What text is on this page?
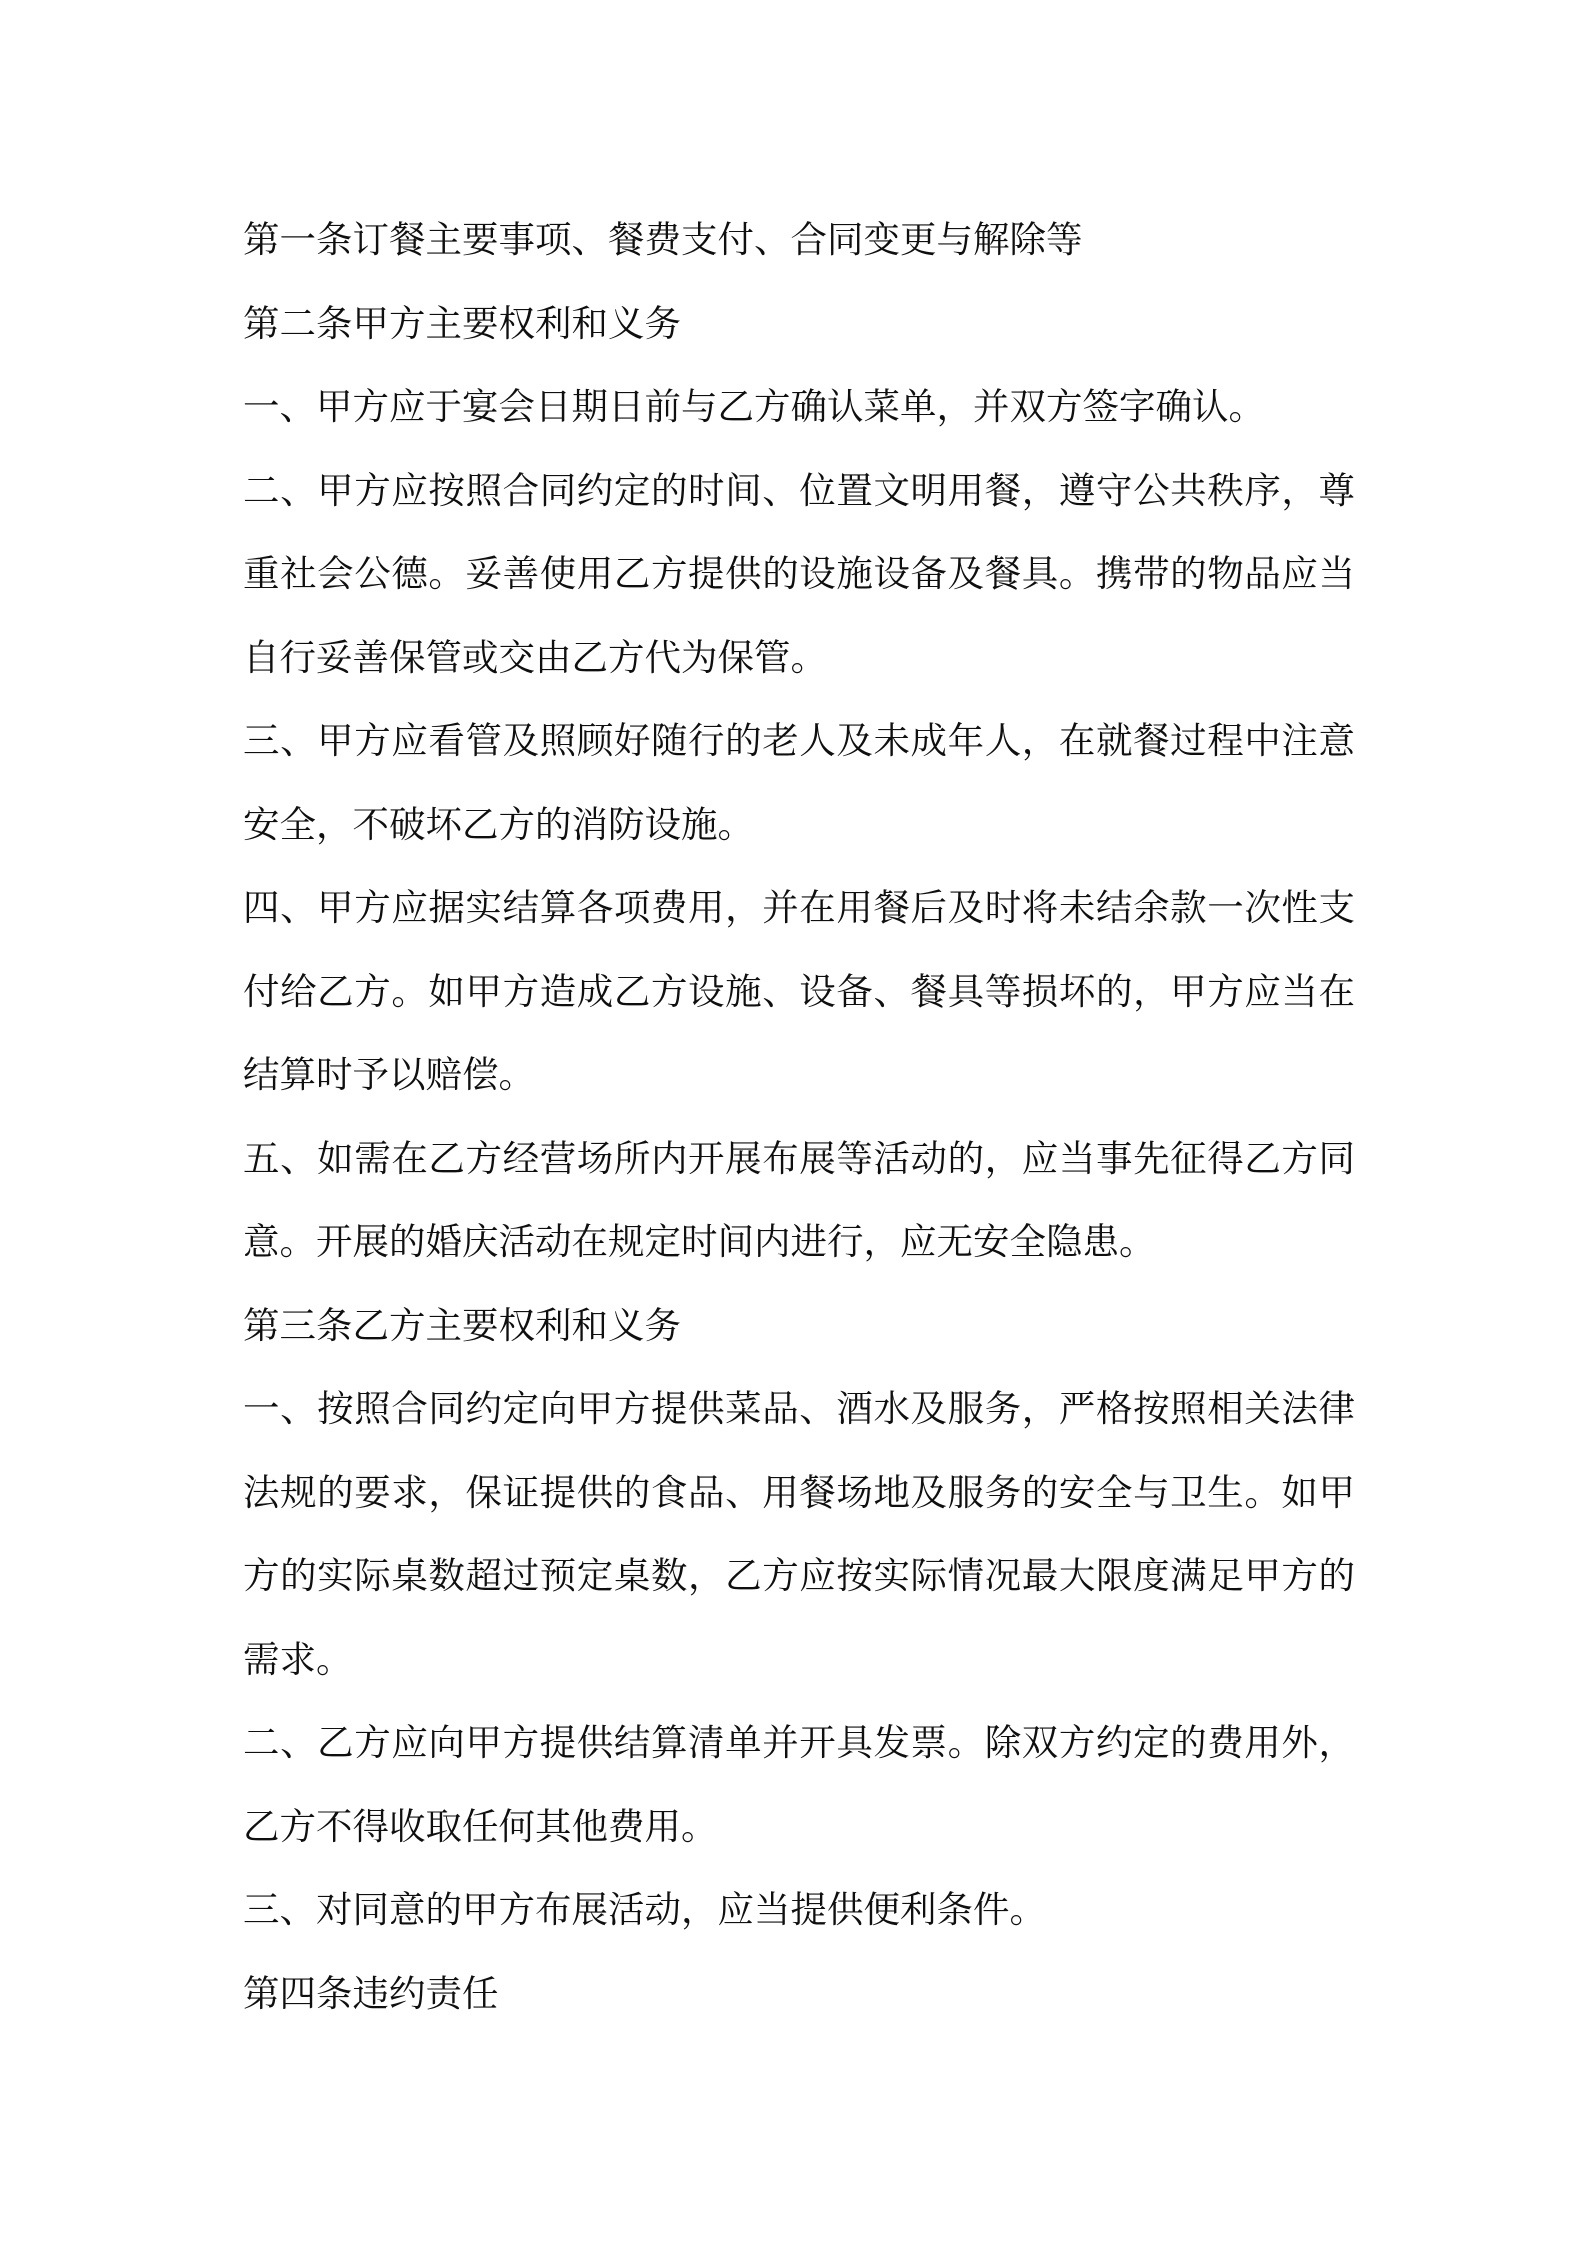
第一条订餐主要事项、餐费支付、合同变更与解除等

第二条甲方主要权利和义务

一、甲方应于宴会日期日前与乙方确认菜单，并双方签字确认。

二、甲方应按照合同约定的时间、位置文明用餐，遵守公共秩序，尊重社会公德。妥善使用乙方提供的设施设备及餐具。携带的物品应当自行妥善保管或交由乙方代为保管。

三、甲方应看管及照顾好随行的老人及未成年人，在就餐过程中注意安全，不破坏乙方的消防设施。

四、甲方应据实结算各项费用，并在用餐后及时将未结余款一次性支付给乙方。如甲方造成乙方设施、设备、餐具等损坏的，甲方应当在结算时予以赔偿。

五、如需在乙方经营场所内开展布展等活动的，应当事先征得乙方同意。开展的婚庆活动在规定时间内进行，应无安全隐患。

第三条乙方主要权利和义务

一、按照合同约定向甲方提供菜品、酒水及服务，严格按照相关法律法规的要求，保证提供的食品、用餐场地及服务的安全与卫生。如甲方的实际桌数超过预定桌数，乙方应按实际情况最大限度满足甲方的需求。

二、乙方应向甲方提供结算清单并开具发票。除双方约定的费用外，乙方不得收取任何其他费用。

三、对同意的甲方布展活动，应当提供便利条件。

第四条违约责任
